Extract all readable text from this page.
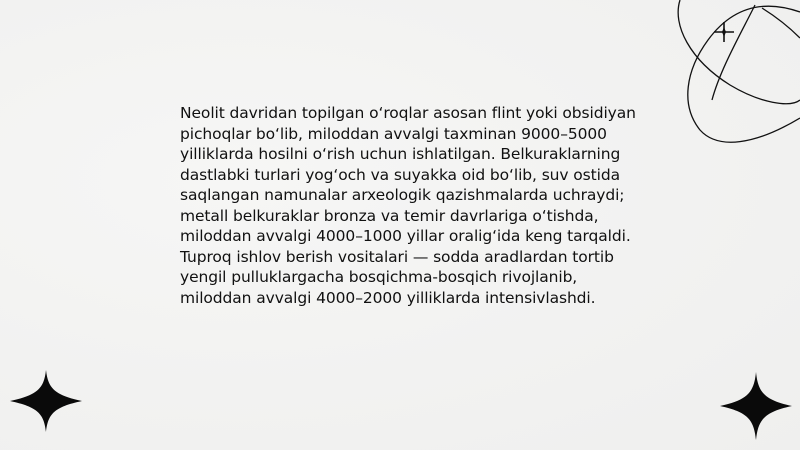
Neolit davridan topilgan o‘roqlar asosan flint yoki obsidiyan pichoqlar bo‘lib, miloddan avvalgi taxminan 9000–5000 yilliklarda hosilni o‘rish uchun ishlatilgan. Belkuraklarning dastlabki turlari yog‘och va suyakka oid bo‘lib, suv ostida saqlangan namunalar arxeologik qazishmalarda uchraydi; metall belkuraklar bronza va temir davrlariga o‘tishda, miloddan avvalgi 4000–1000 yillar oralig‘ida keng tarqaldi. Tuproq ishlov berish vositalari — sodda aradlardan tortib yengil pulluklargacha bosqichma-bosqich rivojlanib, miloddan avvalgi 4000–2000 yilliklarda intensivlashdi.
